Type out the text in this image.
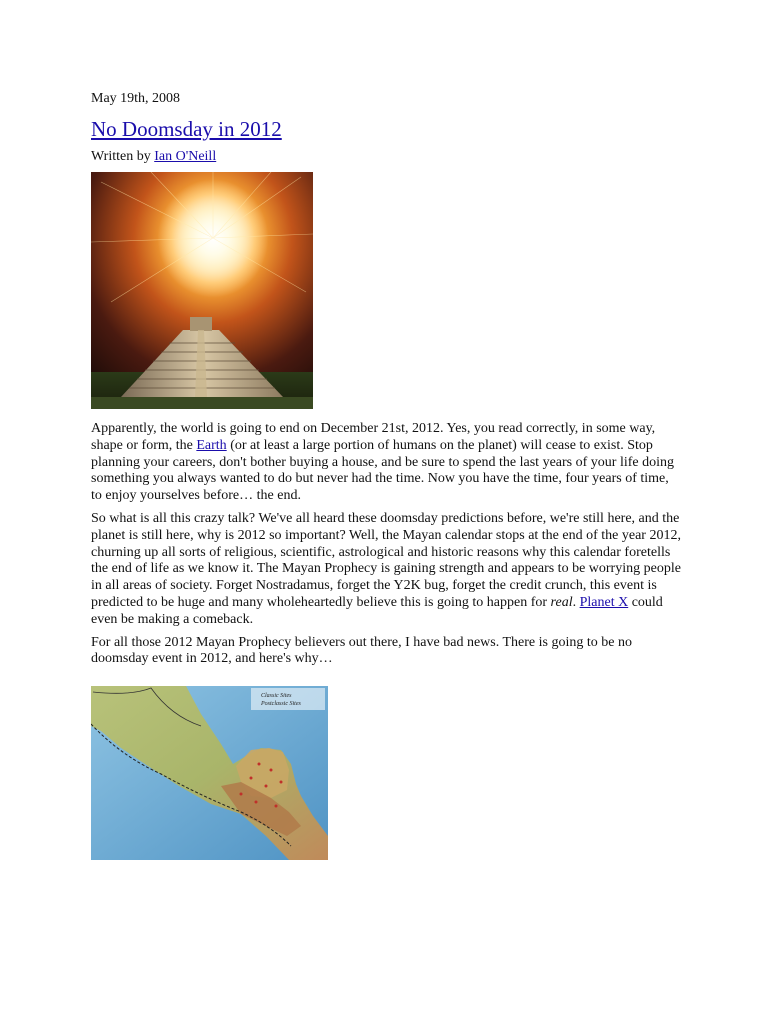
May 19th, 2008

No Doomsday in 2012

Written by Ian O'Neill

Apparently, the world is going to end on December 21st, 2012. Yes, you read correctly, in some way, shape or form, the Earth (or at least a large portion of humans on the planet) will cease to exist. Stop planning your careers, don't bother buying a house, and be sure to spend the last years of your life doing something you always wanted to do but never had the time. Now you have the time, four years of time, to enjoy yourselves before… the end.

So what is all this crazy talk? We've all heard these doomsday predictions before, we're still here, and the planet is still here, why is 2012 so important? Well, the Mayan calendar stops at the end of the year 2012, churning up all sorts of religious, scientific, astrological and historic reasons why this calendar foretells the end of life as we know it. The Mayan Prophecy is gaining strength and appears to be worrying people in all areas of society. Forget Nostradamus, forget the Y2K bug, forget the credit crunch, this event is predicted to be huge and many wholeheartedly believe this is going to happen for real. Planet X could even be making a comeback.

For all those 2012 Mayan Prophecy believers out there, I have bad news. There is going to be no doomsday event in 2012, and here's why…

Classic Sites
Postclassic Sites
